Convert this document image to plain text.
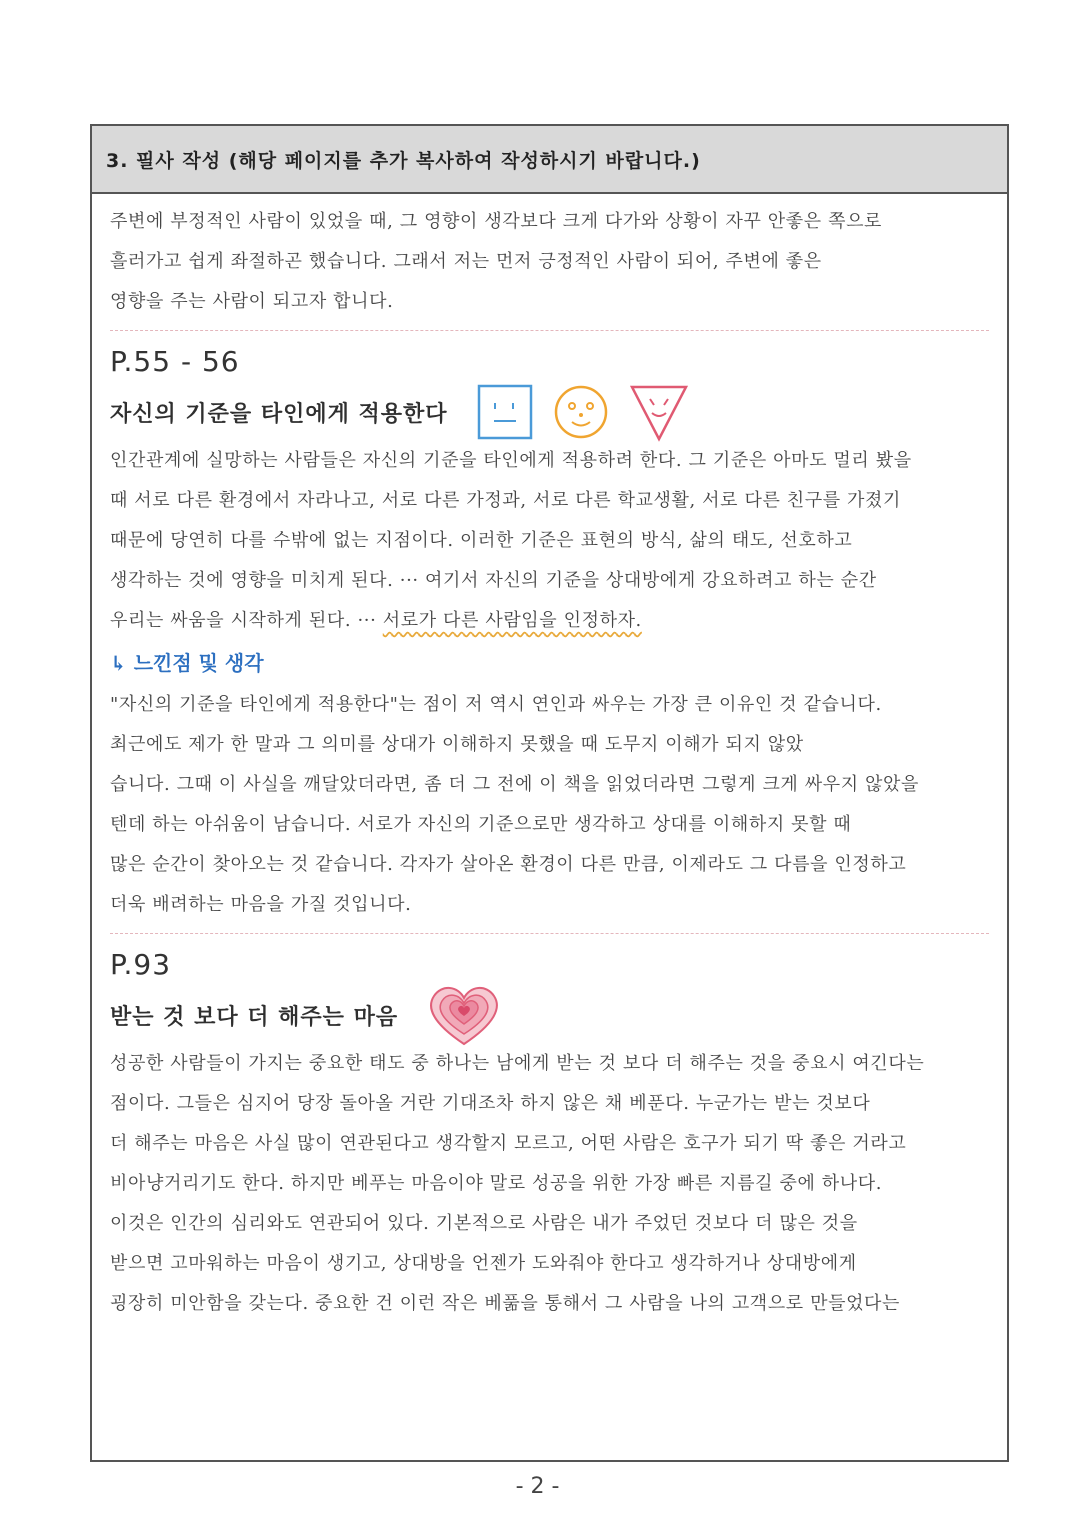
3. 필사 작성 (해당 페이지를 추가 복사하여 작성하시기 바랍니다.)
주변에 부정적인 사람이 있었을 때, 그 영향이 생각보다 크게 다가와 상황이 자꾸 안좋은 쪽으로
흘러가고 쉽게 좌절하곤 했습니다. 그래서 저는 먼저 긍정적인 사람이 되어, 주변에 좋은
영향을 주는 사람이 되고자 합니다.
P.55 - 56
자신의 기준을 타인에게 적용한다
인간관계에 실망하는 사람들은 자신의 기준을 타인에게 적용하려 한다. 그 기준은 아마도 멀리 봤을
때 서로 다른 환경에서 자라나고, 서로 다른 가정과, 서로 다른 학교생활, 서로 다른 친구를 가졌기
때문에 당연히 다를 수밖에 없는 지점이다. 이러한 기준은 표현의 방식, 삶의 태도, 선호하고
생각하는 것에 영향을 미치게 된다. ··· 여기서 자신의 기준을 상대방에게 강요하려고 하는 순간
우리는 싸움을 시작하게 된다. ··· 서로가 다른 사람임을 인정하자.
↳ 느낀점 및 생각
"자신의 기준을 타인에게 적용한다"는 점이 저 역시 연인과 싸우는 가장 큰 이유인 것 같습니다.
최근에도 제가 한 말과 그 의미를 상대가 이해하지 못했을 때 도무지 이해가 되지 않았
습니다. 그때 이 사실을 깨달았더라면, 좀 더 그 전에 이 책을 읽었더라면 그렇게 크게 싸우지 않았을
텐데 하는 아쉬움이 남습니다. 서로가 자신의 기준으로만 생각하고 상대를 이해하지 못할 때
많은 순간이 찾아오는 것 같습니다. 각자가 살아온 환경이 다른 만큼, 이제라도 그 다름을 인정하고
더욱 배려하는 마음을 가질 것입니다.
P.93
받는 것 보다 더 해주는 마음
성공한 사람들이 가지는 중요한 태도 중 하나는 남에게 받는 것 보다 더 해주는 것을 중요시 여긴다는
점이다. 그들은 심지어 당장 돌아올 거란 기대조차 하지 않은 채 베푼다. 누군가는 받는 것보다
더 해주는 마음은 사실 많이 연관된다고 생각할지 모르고, 어떤 사람은 호구가 되기 딱 좋은 거라고
비아냥거리기도 한다. 하지만 베푸는 마음이야 말로 성공을 위한 가장 빠른 지름길 중에 하나다.
이것은 인간의 심리와도 연관되어 있다. 기본적으로 사람은 내가 주었던 것보다 더 많은 것을
받으면 고마워하는 마음이 생기고, 상대방을 언젠가 도와줘야 한다고 생각하거나 상대방에게
굉장히 미안함을 갖는다. 중요한 건 이런 작은 베풂을 통해서 그 사람을 나의 고객으로 만들었다는
- 2 -
